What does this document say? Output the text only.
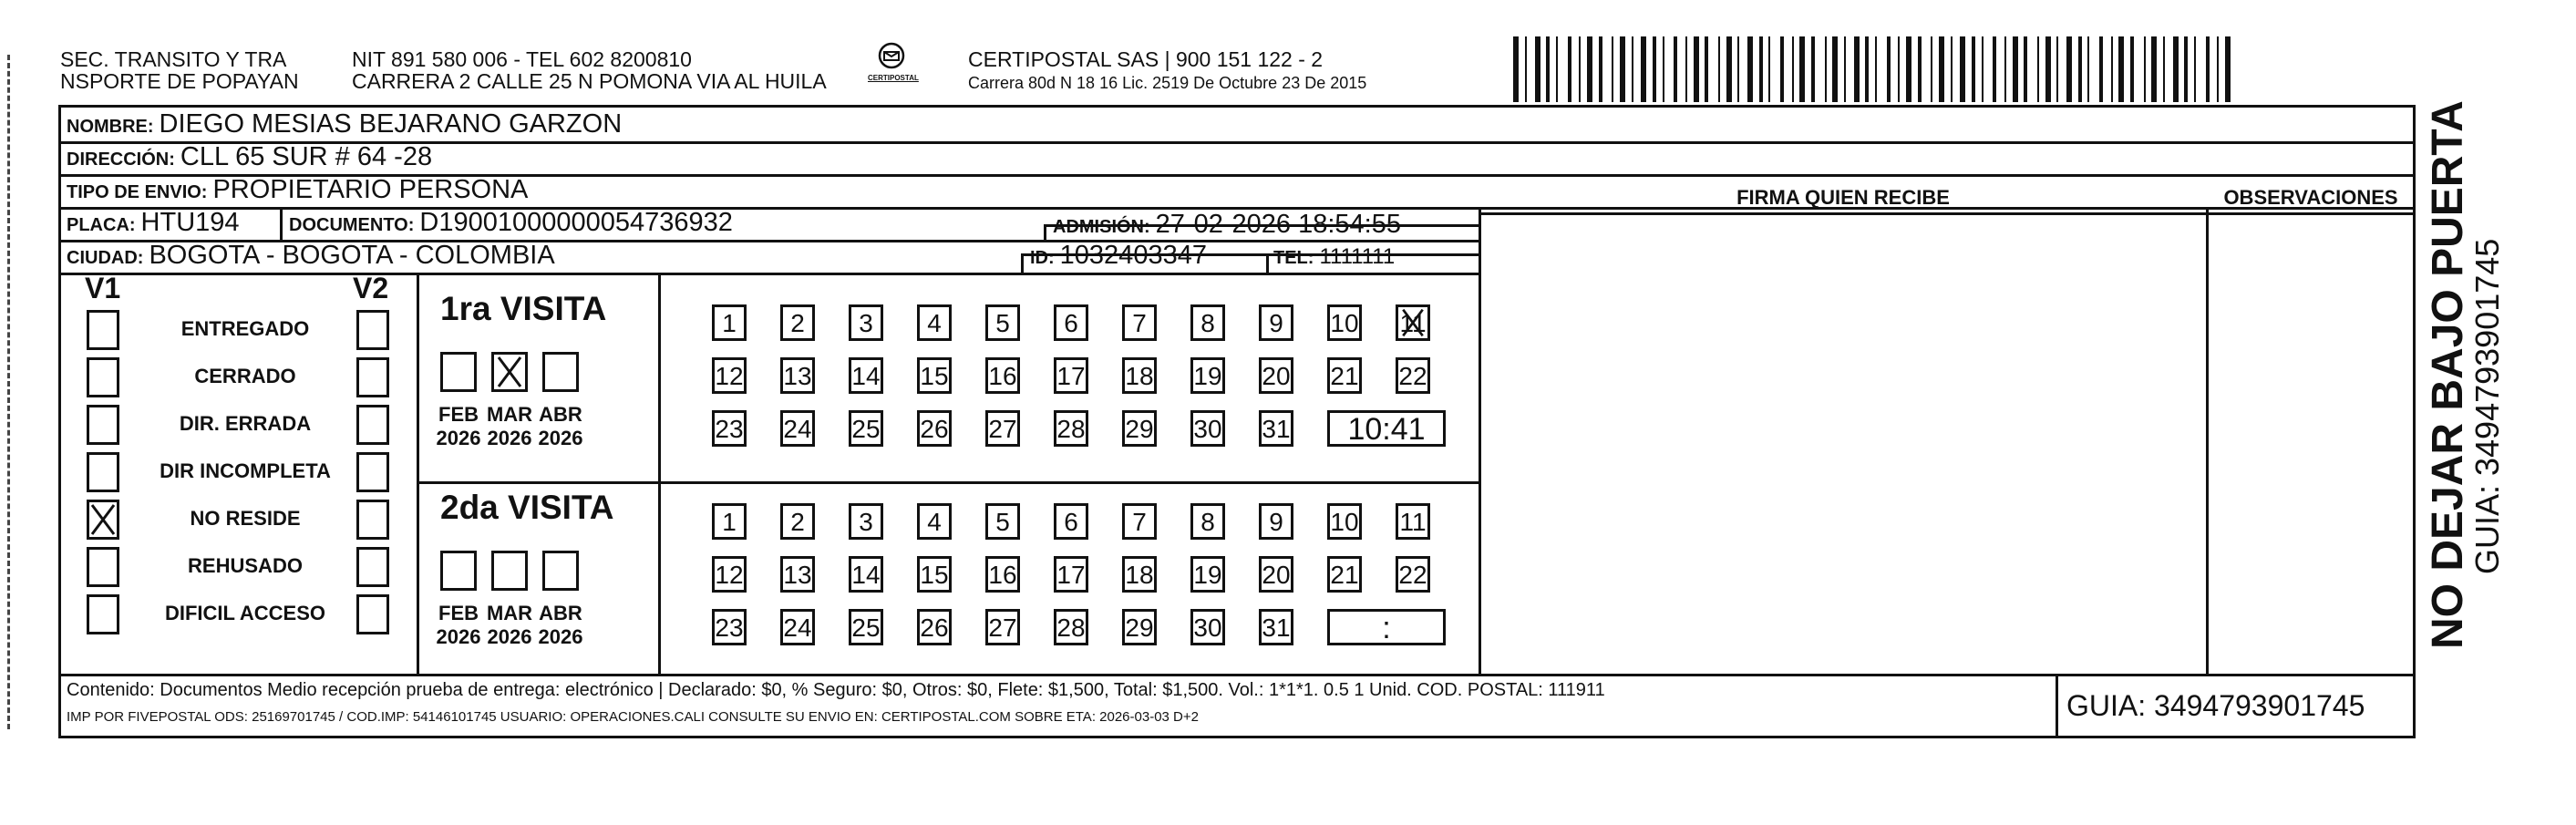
SEC. TRANSITO Y TRA
NSPORTE DE POPAYAN
NIT 891 580 006 - TEL 602 8200810
CARRERA 2 CALLE 25 N POMONA VIA AL HUILA	CERTIPOSTAL
CERTIPOSTAL SAS | 900 151 122 - 2
Carrera 80d N 18 16 Lic. 2519 De Octubre 23 De 2015
NOMBRE: DIEGO MESIAS BEJARANO GARZON
DIRECCIÓN: CLL 65 SUR # 64 -28
TIPO DE ENVIO: PROPIETARIO PERSONA
PLACA: HTU194	DOCUMENTO: D19001000000054736932	ADMISIÓN: 27-02-2026 18:54:55
CIUDAD: BOGOTA - BOGOTA - COLOMBIA	ID: 1032403347	TEL: 1111111
FIRMA QUIEN RECIBE	OBSERVACIONES
V1	V2
ENTREGADO
CERRADO
DIR. ERRADA
DIR INCOMPLETA
NO RESIDE
REHUSADO
DIFICIL ACCESO
1ra VISITA
FEB
2026
MAR
2026
ABR
2026
1	2	3	4	5	6	7	8	9	10 11
12 13 14 15 16 17 18 19 20 21 22
23 24 25 26 27 28 29 30 31	10:41
2da VISITA
FEB
2026
MAR
2026
ABR
2026
1	2	3	4	5	6	7	8	9	10 11
12 13 14 15 16 17 18 19 20 21 22
23 24 25 26 27 28 29 30 31	:
Contenido: Documentos Medio recepción prueba de entrega: electrónico | Declarado: $0, % Seguro: $0, Otros: $0, Flete: $1,500, Total: $1,500. Vol.: 1*1*1. 0.5 1 Unid. COD. POSTAL: 111911
IMP POR FIVEPOSTAL ODS: 25169701745 / COD.IMP: 54146101745 USUARIO: OPERACIONES.CALI CONSULTE SU ENVIO EN: CERTIPOSTAL.COM SOBRE ETA: 2026-03-03 D+2	GUIA: 3494793901745
NO DEJAR BAJO PUERTA
GUIA: 3494793901745
